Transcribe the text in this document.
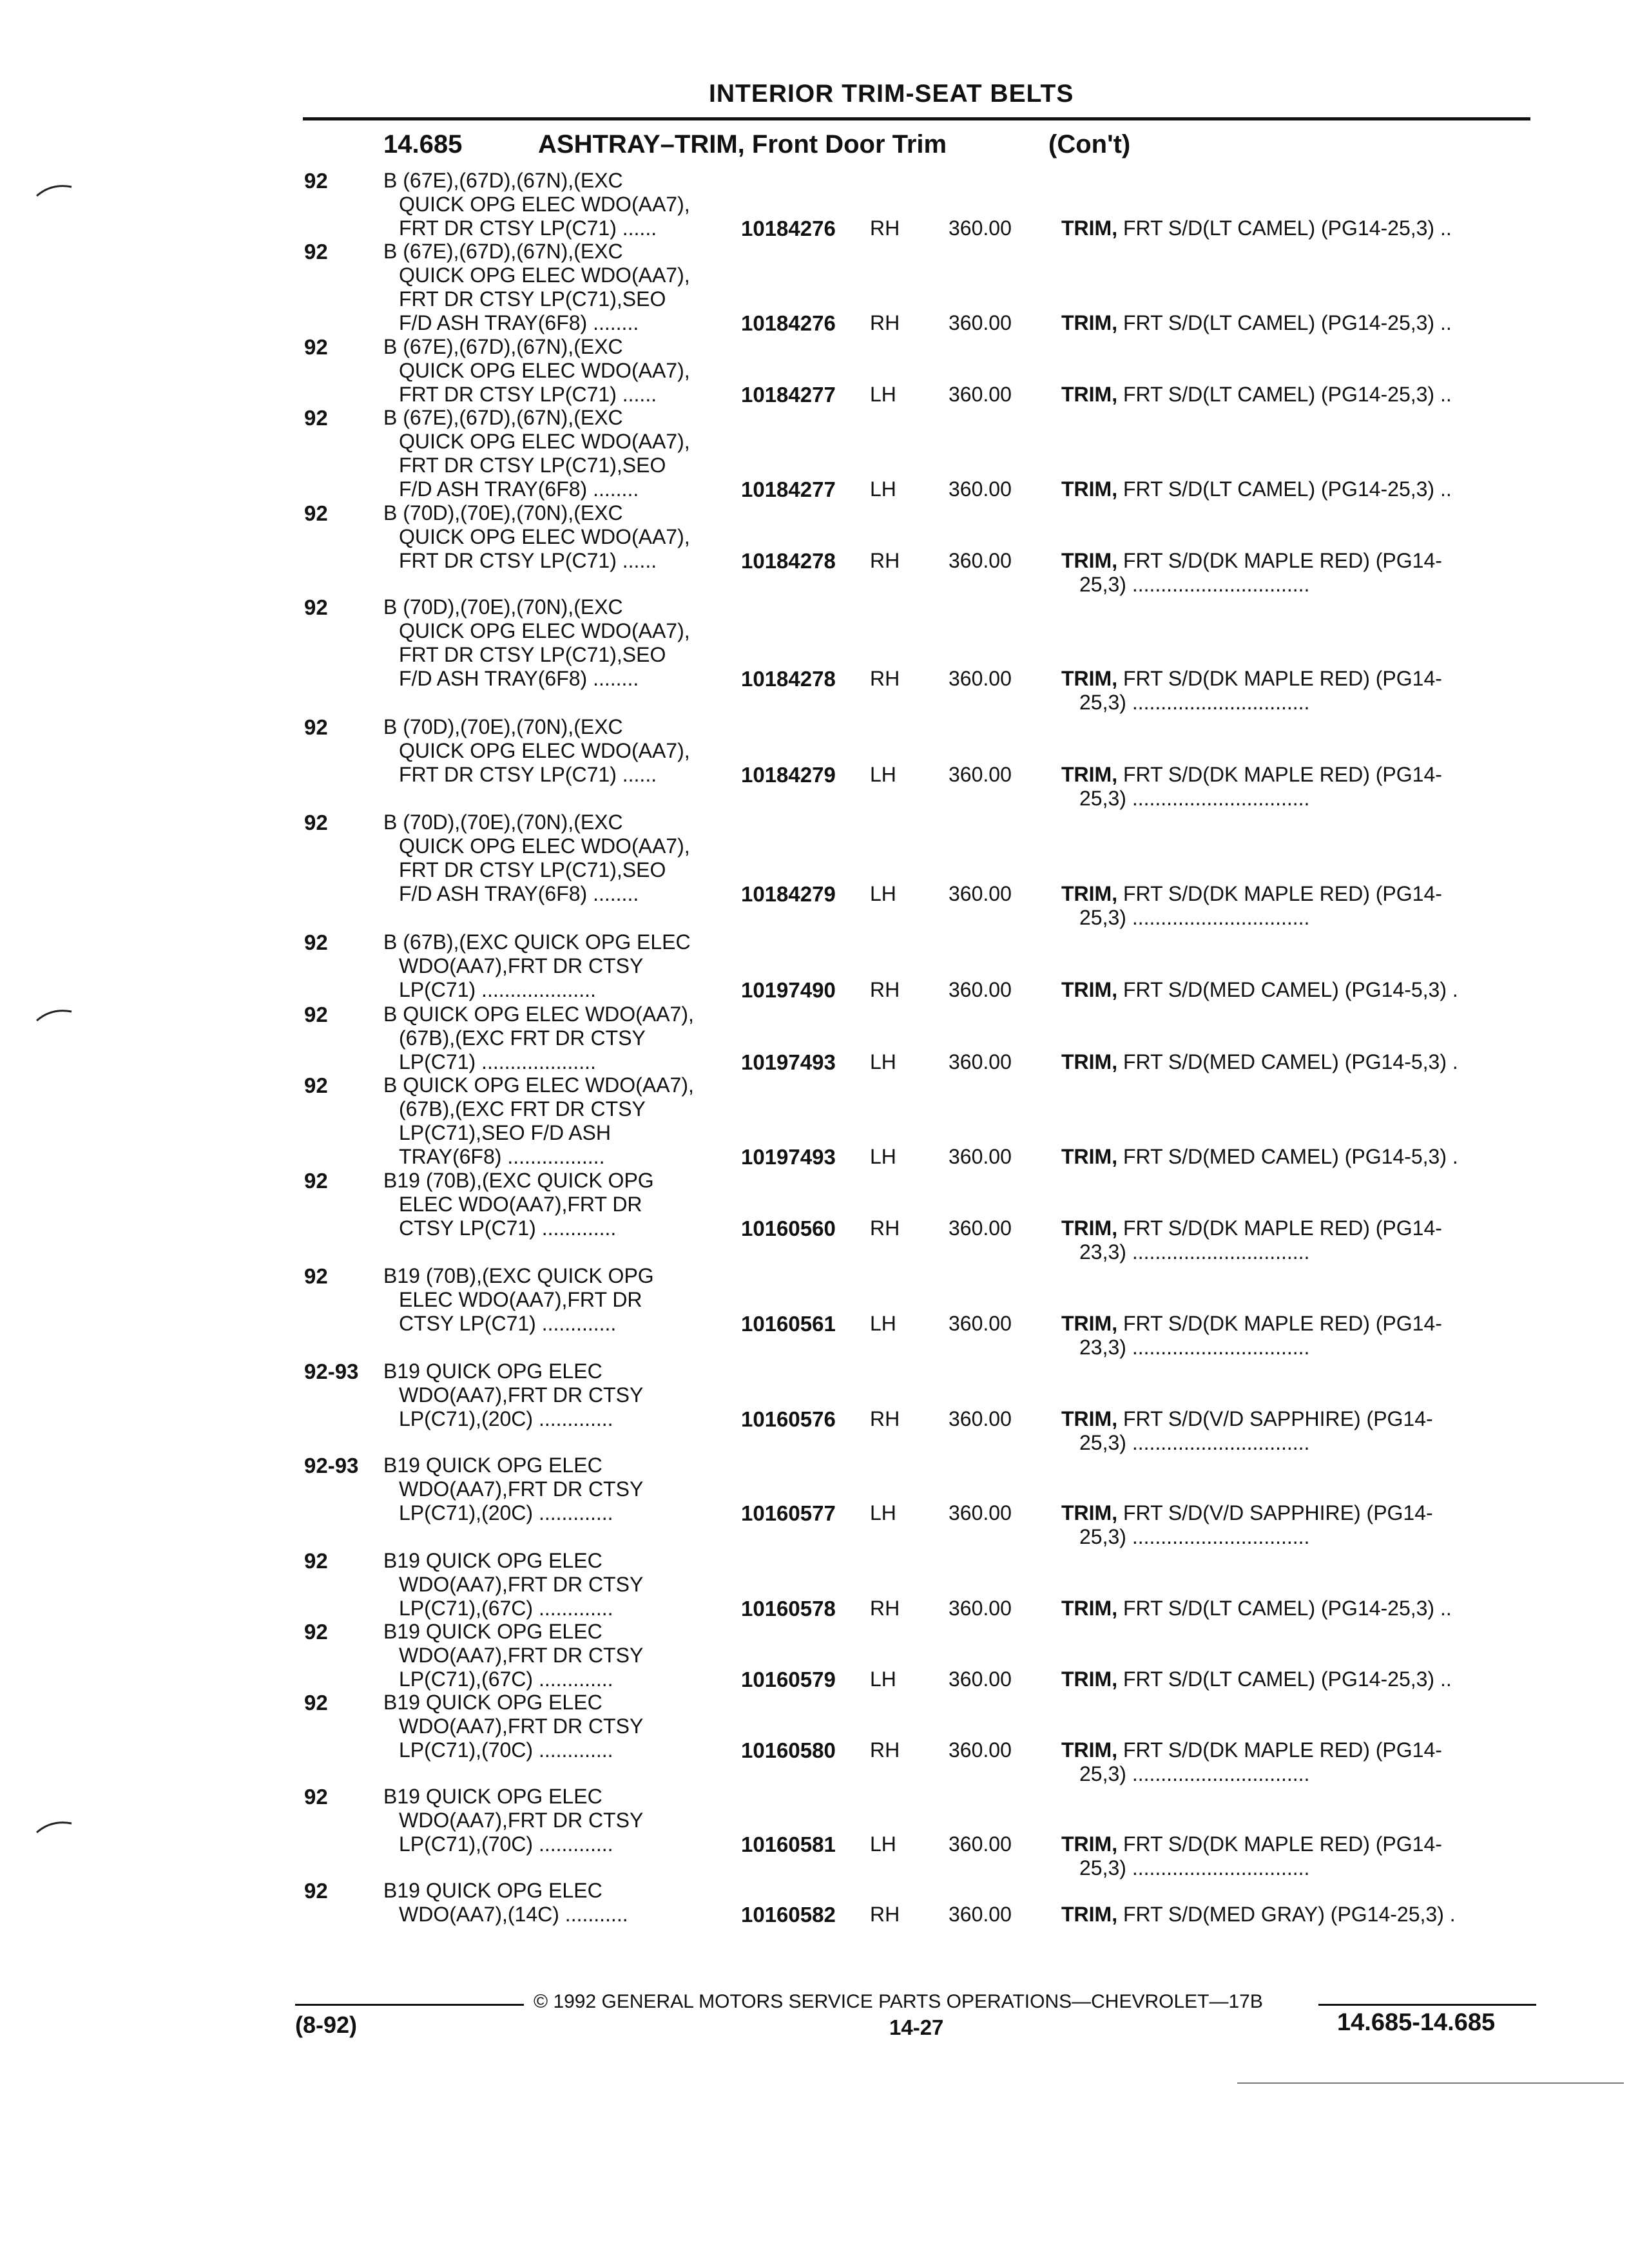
INTERIOR TRIM-SEAT BELTS
14.685	ASHTRAY–TRIM, Front Door Trim	(Con't)
92	B (67E),(67D),(67N),(EXC
QUICK OPG ELEC WDO(AA7),
FRT DR CTSY LP(C71) ......	10184276 RH 360.00 TRIM, FRT S/D(LT CAMEL) (PG14-25,3) ..
92	B (67E),(67D),(67N),(EXC
QUICK OPG ELEC WDO(AA7),
FRT DR CTSY LP(C71),SEO
F/D ASH TRAY(6F8) ........	10184276 RH 360.00 TRIM, FRT S/D(LT CAMEL) (PG14-25,3) ..
92	B (67E),(67D),(67N),(EXC
QUICK OPG ELEC WDO(AA7),
FRT DR CTSY LP(C71) ......	10184277 LH	360.00 TRIM, FRT S/D(LT CAMEL) (PG14-25,3) ..
92	B (67E),(67D),(67N),(EXC
QUICK OPG ELEC WDO(AA7),
FRT DR CTSY LP(C71),SEO
F/D ASH TRAY(6F8) ........	10184277 LH	360.00 TRIM, FRT S/D(LT CAMEL) (PG14-25,3) ..
92	B (70D),(70E),(70N),(EXC
QUICK OPG ELEC WDO(AA7),
FRT DR CTSY LP(C71) ......	10184278 RH 360.00 TRIM, FRT S/D(DK MAPLE RED) (PG14-
25,3) ...............................
92	B (70D),(70E),(70N),(EXC
QUICK OPG ELEC WDO(AA7),
FRT DR CTSY LP(C71),SEO
F/D ASH TRAY(6F8) ........	10184278 RH 360.00 TRIM, FRT S/D(DK MAPLE RED) (PG14-
25,3) ...............................
92	B (70D),(70E),(70N),(EXC
QUICK OPG ELEC WDO(AA7),
FRT DR CTSY LP(C71) ......	10184279 LH	360.00 TRIM, FRT S/D(DK MAPLE RED) (PG14-
25,3) ...............................
92	B (70D),(70E),(70N),(EXC
QUICK OPG ELEC WDO(AA7),
FRT DR CTSY LP(C71),SEO
F/D ASH TRAY(6F8) ........	10184279 LH	360.00 TRIM, FRT S/D(DK MAPLE RED) (PG14-
25,3) ...............................
92	B (67B),(EXC QUICK OPG ELEC
WDO(AA7),FRT DR CTSY
LP(C71) ....................	10197490 RH 360.00 TRIM, FRT S/D(MED CAMEL) (PG14-5,3) .
92	B QUICK OPG ELEC WDO(AA7),
(67B),(EXC FRT DR CTSY
LP(C71) ....................	10197493 LH	360.00 TRIM, FRT S/D(MED CAMEL) (PG14-5,3) .
92	B QUICK OPG ELEC WDO(AA7),
(67B),(EXC FRT DR CTSY
LP(C71),SEO F/D ASH
TRAY(6F8) .................	10197493 LH	360.00 TRIM, FRT S/D(MED CAMEL) (PG14-5,3) .
92	B19 (70B),(EXC QUICK OPG
ELEC WDO(AA7),FRT DR
CTSY LP(C71) .............	10160560 RH 360.00 TRIM, FRT S/D(DK MAPLE RED) (PG14-
23,3) ...............................
92	B19 (70B),(EXC QUICK OPG
ELEC WDO(AA7),FRT DR
CTSY LP(C71) .............	10160561 LH	360.00 TRIM, FRT S/D(DK MAPLE RED) (PG14-
23,3) ...............................
92-93 B19 QUICK OPG ELEC
WDO(AA7),FRT DR CTSY
LP(C71),(20C) .............	10160576 RH 360.00 TRIM, FRT S/D(V/D SAPPHIRE) (PG14-
25,3) ...............................
92-93 B19 QUICK OPG ELEC
WDO(AA7),FRT DR CTSY
LP(C71),(20C) .............	10160577 LH	360.00 TRIM, FRT S/D(V/D SAPPHIRE) (PG14-
25,3) ...............................
92	B19 QUICK OPG ELEC
WDO(AA7),FRT DR CTSY
LP(C71),(67C) .............	10160578 RH 360.00 TRIM, FRT S/D(LT CAMEL) (PG14-25,3) ..
92	B19 QUICK OPG ELEC
WDO(AA7),FRT DR CTSY
LP(C71),(67C) .............	10160579 LH	360.00 TRIM, FRT S/D(LT CAMEL) (PG14-25,3) ..
92	B19 QUICK OPG ELEC
WDO(AA7),FRT DR CTSY
LP(C71),(70C) .............	10160580 RH 360.00 TRIM, FRT S/D(DK MAPLE RED) (PG14-
25,3) ...............................
92	B19 QUICK OPG ELEC
WDO(AA7),FRT DR CTSY
LP(C71),(70C) .............	10160581 LH	360.00 TRIM, FRT S/D(DK MAPLE RED) (PG14-
25,3) ...............................
92	B19 QUICK OPG ELEC
WDO(AA7),(14C) ...........	10160582 RH 360.00 TRIM, FRT S/D(MED GRAY) (PG14-25,3) .
© 1992 GENERAL MOTORS SERVICE PARTS OPERATIONS—CHEVROLET—17B
(8-92)	14-27	14.685-14.685
